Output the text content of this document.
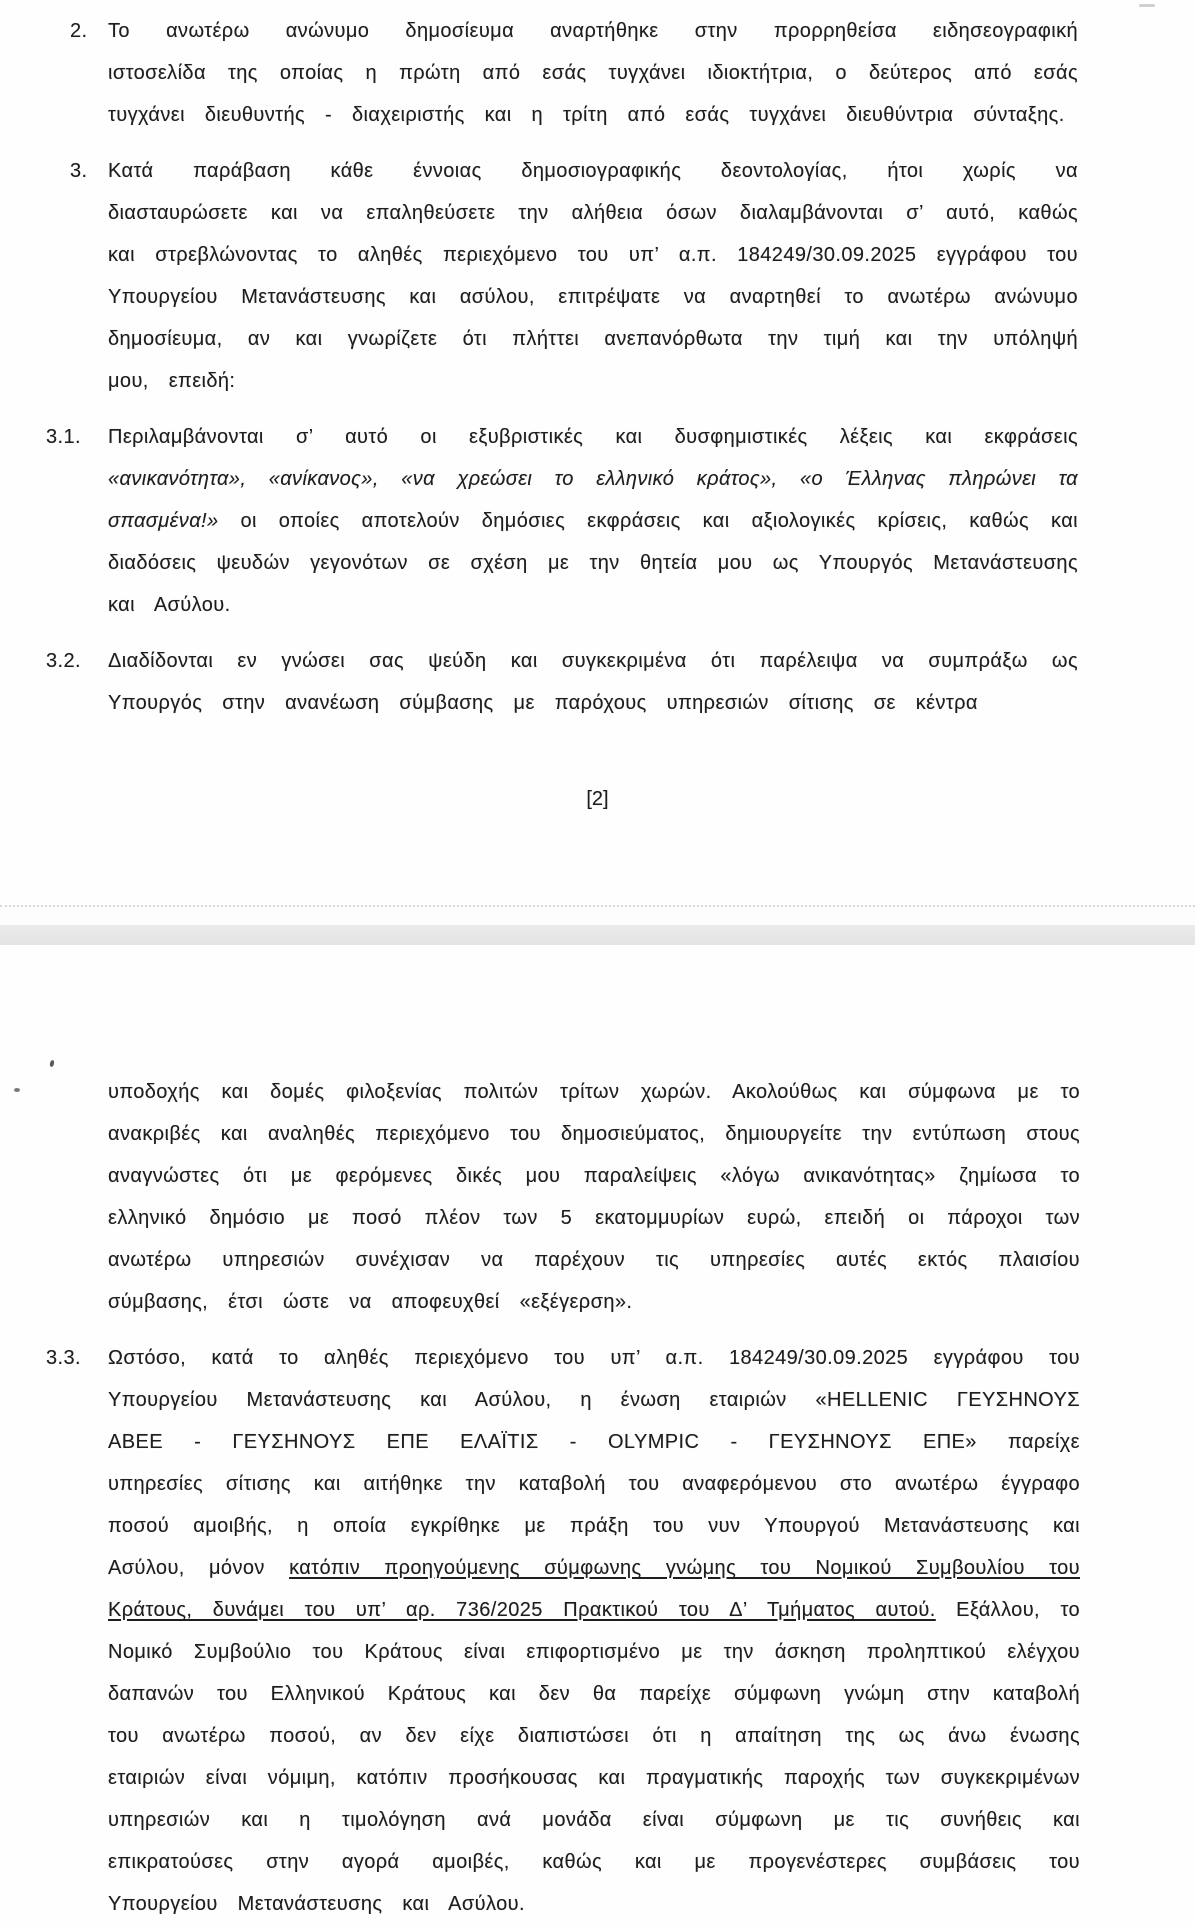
2.	Το ανωτέρω ανώνυμο δημοσίευμα αναρτήθηκε στην προρρηθείσα ειδησεογραφική ιστοσελίδα της οποίας η πρώτη από εσάς τυγχάνει ιδιοκτήτρια, ο δεύτερος από εσάς τυγχάνει διευθυντής - διαχειριστής και η τρίτη από εσάς τυγχάνει διευθύντρια σύνταξης.
3.	Κατά παράβαση κάθε έννοιας δημοσιογραφικής δεοντολογίας, ήτοι χωρίς να διασταυρώσετε και να επαληθεύσετε την αλήθεια όσων διαλαμβάνονται σ’ αυτό, καθώς και στρεβλώνοντας το αληθές περιεχόμενο του υπ’ α.π. 184249/30.09.2025 εγγράφου του Υπουργείου Μετανάστευσης και ασύλου, επιτρέψατε να αναρτηθεί το ανωτέρω ανώνυμο δημοσίευμα, αν και γνωρίζετε ότι πλήττει ανεπανόρθωτα την τιμή και την υπόληψή μου, επειδή:
3.1.	Περιλαμβάνονται σ’ αυτό οι εξυβριστικές και δυσφημιστικές λέξεις και εκφράσεις «ανικανότητα», «ανίκανος», «να χρεώσει το ελληνικό κράτος», «ο Έλληνας πληρώνει τα σπασμένα!» οι οποίες αποτελούν δημόσιες εκφράσεις και αξιολογικές κρίσεις, καθώς και διαδόσεις ψευδών γεγονότων σε σχέση με την θητεία μου ως Υπουργός Μετανάστευσης και Ασύλου.
3.2.	Διαδίδονται εν γνώσει σας ψεύδη και συγκεκριμένα ότι παρέλειψα να συμπράξω ως Υπουργός στην ανανέωση σύμβασης με παρόχους υπηρεσιών σίτισης σε κέντρα
[2]
υποδοχής και δομές φιλοξενίας πολιτών τρίτων χωρών. Ακολούθως και σύμφωνα με το ανακριβές και αναληθές περιεχόμενο του δημοσιεύματος, δημιουργείτε την εντύπωση στους αναγνώστες ότι με φερόμενες δικές μου παραλείψεις «λόγω ανικανότητας» ζημίωσα το ελληνικό δημόσιο με ποσό πλέον των 5 εκατομμυρίων ευρώ, επειδή οι πάροχοι των ανωτέρω υπηρεσιών συνέχισαν να παρέχουν τις υπηρεσίες αυτές εκτός πλαισίου σύμβασης, έτσι ώστε να αποφευχθεί «εξέγερση».
3.3.	Ωστόσο, κατά το αληθές περιεχόμενο του υπ’ α.π. 184249/30.09.2025 εγγράφου του Υπουργείου Μετανάστευσης και Ασύλου, η ένωση εταιριών «HELLENIC ΓΕΥΣΗΝΟΥΣ ΑΒΕΕ - ΓΕΥΣΗΝΟΥΣ ΕΠΕ ΕΛΑΪΤΙΣ - OLYMPIC - ΓΕΥΣΗΝΟΥΣ ΕΠΕ» παρείχε υπηρεσίες σίτισης και αιτήθηκε την καταβολή του αναφερόμενου στο ανωτέρω έγγραφο ποσού αμοιβής, η οποία εγκρίθηκε με πράξη του νυν Υπουργού Μετανάστευσης και Ασύλου, μόνον κατόπιν προηγούμενης σύμφωνης γνώμης του Νομικού Συμβουλίου του Κράτους, δυνάμει του υπ’ αρ. 736/2025 Πρακτικού του Δ’ Τμήματος αυτού. Εξάλλου, το Νομικό Συμβούλιο του Κράτους είναι επιφορτισμένο με την άσκηση προληπτικού ελέγχου δαπανών του Ελληνικού Κράτους και δεν θα παρείχε σύμφωνη γνώμη στην καταβολή του ανωτέρω ποσού, αν δεν είχε διαπιστώσει ότι η απαίτηση της ως άνω ένωσης εταιριών είναι νόμιμη, κατόπιν προσήκουσας και πραγματικής παροχής των συγκεκριμένων υπηρεσιών και η τιμολόγηση ανά μονάδα είναι σύμφωνη με τις συνήθεις και επικρατούσες στην αγορά αμοιβές, καθώς και με προγενέστερες συμβάσεις του Υπουργείου Μετανάστευσης και Ασύλου.
